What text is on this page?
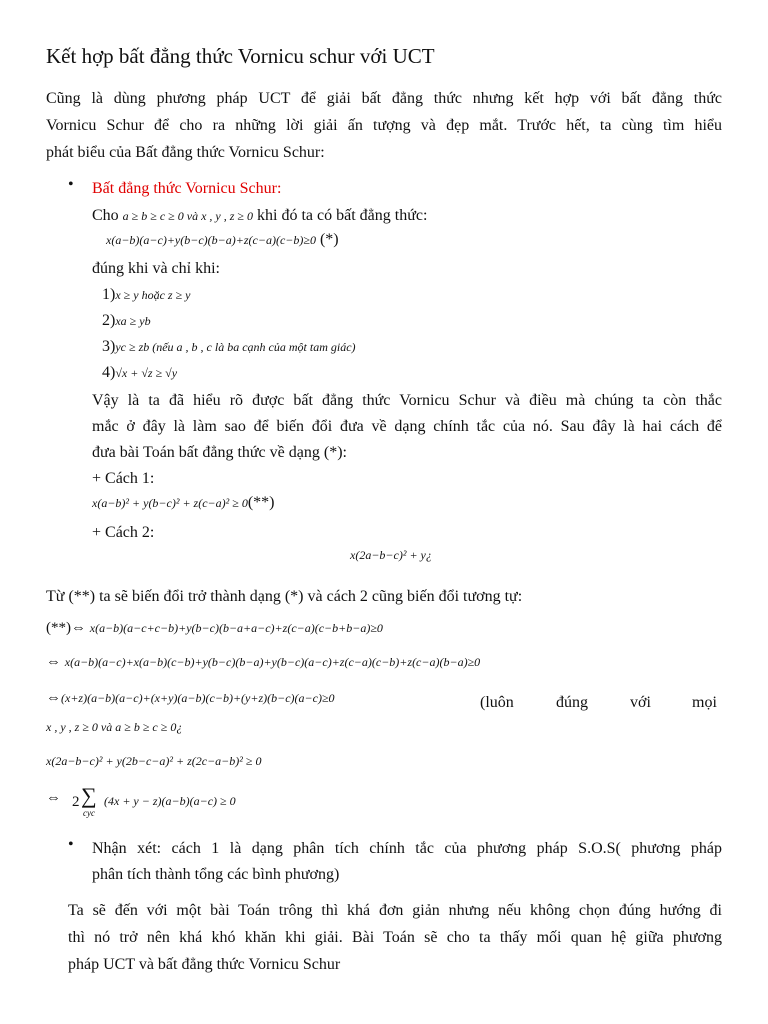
Kết hợp bất đẳng thức Vornicu schur với UCT
Cũng là dùng phương pháp UCT để giải bất đẳng thức nhưng kết hợp với bất đẳng thức
Vornicu Schur để cho ra những lời giải ấn tượng và đẹp mắt. Trước hết, ta cùng tìm hiểu
phát biểu của Bất đẳng thức Vornicu Schur:
• Bất đẳng thức Vornicu Schur:
Cho a ≥ b ≥ c ≥ 0 và x , y , z ≥ 0 khi đó ta có bất đẳng thức:
x(a−b)(a−c)+y(b−c)(b−a)+z(c−a)(c−b)≥0 (*)
đúng khi và chỉ khi:
1)x ≥ y hoặc z ≥ y
2)xa ≥ yb
3)yc ≥ zb (nếu a , b , c là ba cạnh của một tam giác)
4)√x + √z ≥ √y
Vậy là ta đã hiểu rõ được bất đẳng thức Vornicu Schur và điều mà chúng ta còn thắc
mắc ở đây là làm sao để biến đổi đưa về dạng chính tắc của nó. Sau đây là hai cách để
đưa bài Toán bất đẳng thức về dạng (*):
+ Cách 1:
x(a−b)² + y(b−c)² + z(c−a)² ≥ 0(**)
+ Cách 2:
x(2a−b−c)² + y¿
Từ (**) ta sẽ biến đổi trở thành dạng (*) và cách 2 cũng biến đổi tương tự:
(**)⇔ x(a−b)(a−c+c−b)+y(b−c)(b−a+a−c)+z(c−a)(c−b+b−a)≥0
⇔ x(a−b)(a−c)+x(a−b)(c−b)+y(b−c)(b−a)+y(b−c)(a−c)+z(c−a)(c−b)+z(c−a)(b−a)≥0
⇔(x+z)(a−b)(a−c)+(x+y)(a−b)(c−b)+(y+z)(b−c)(a−c)≥0	(luôn	đúng	với	mọi
x , y , z ≥ 0 và a ≥ b ≥ c ≥ 0¿
x(2a−b−c)² + y(2b−c−a)² + z(2c−a−b)² ≥ 0
⇔ 2 ∑
cyc
(4x + y − z)(a−b)(a−c) ≥ 0
• Nhận xét: cách 1 là dạng phân tích chính tắc của phương pháp S.O.S( phương pháp
phân tích thành tổng các bình phương)
Ta sẽ đến với một bài Toán trông thì khá đơn giản nhưng nếu không chọn đúng hướng đi
thì nó trở nên khá khó khăn khi giải. Bài Toán sẽ cho ta thấy mối quan hệ giữa phương
pháp UCT và bất đẳng thức Vornicu Schur
